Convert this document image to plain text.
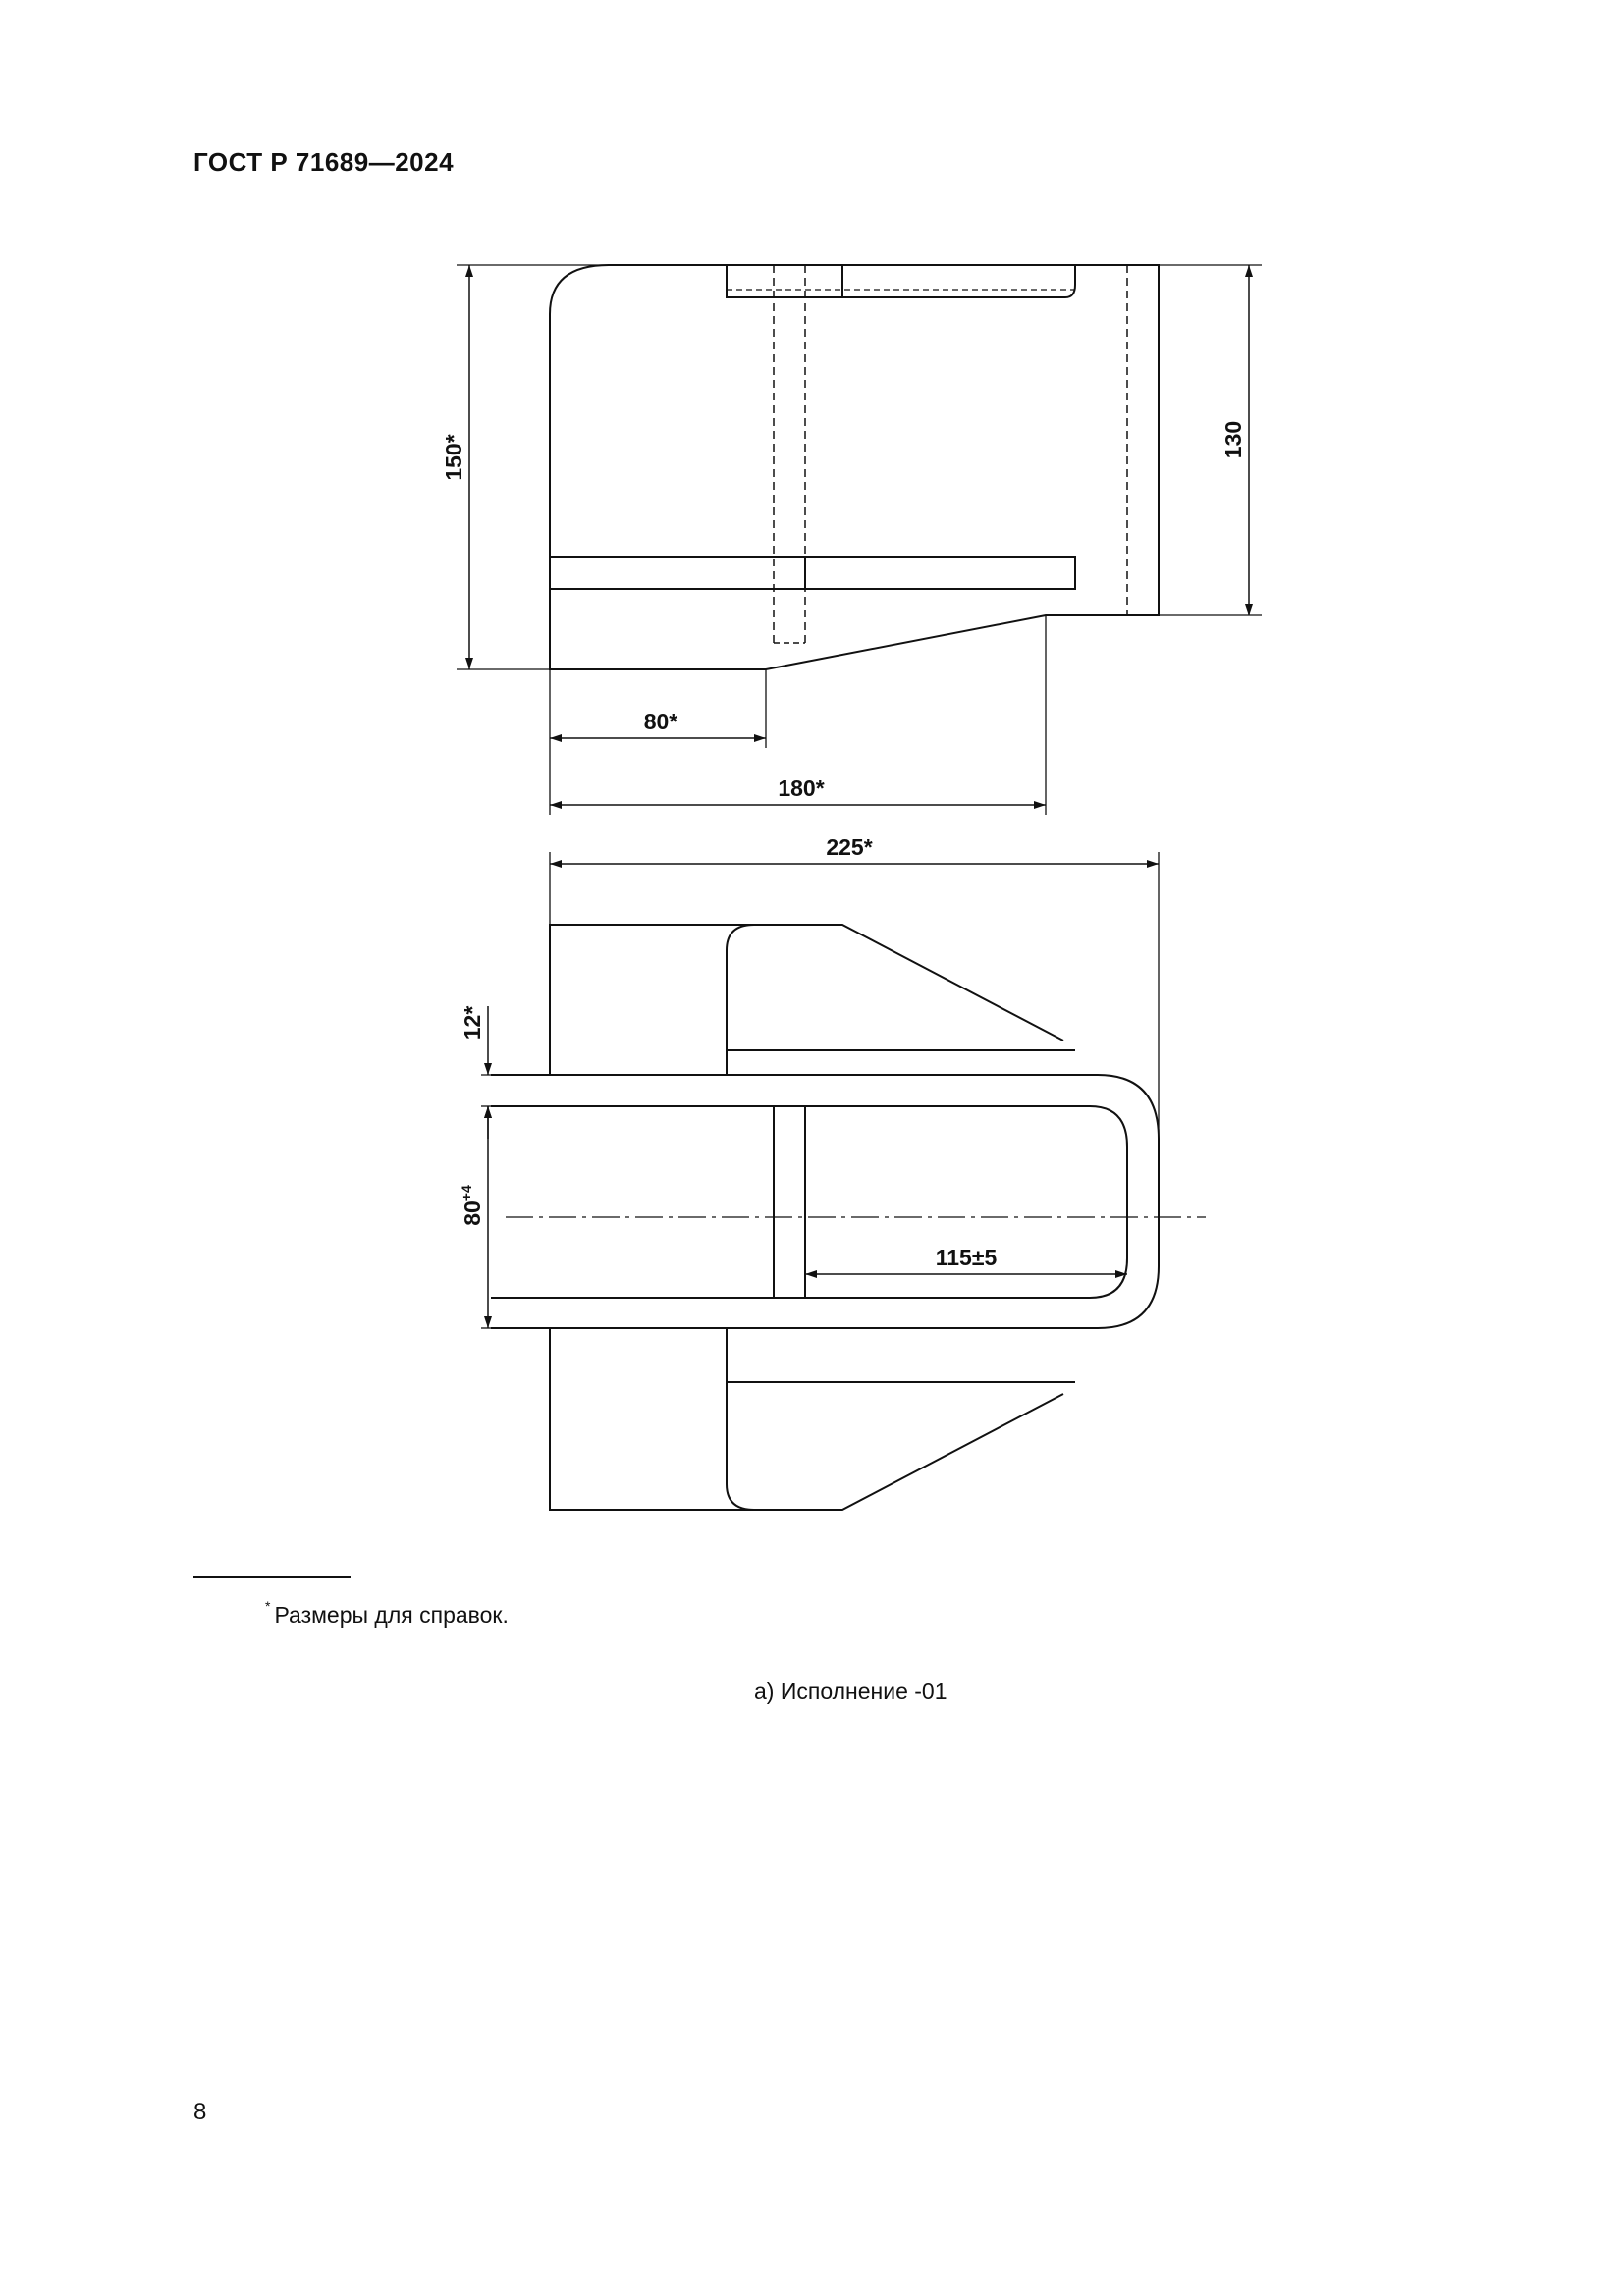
ГОСТ Р 71689—2024
150*	130
80*
180*
225*
12*
$80^{+4}$
115±5
* Размеры для справок.
а) Исполнение -01
8
